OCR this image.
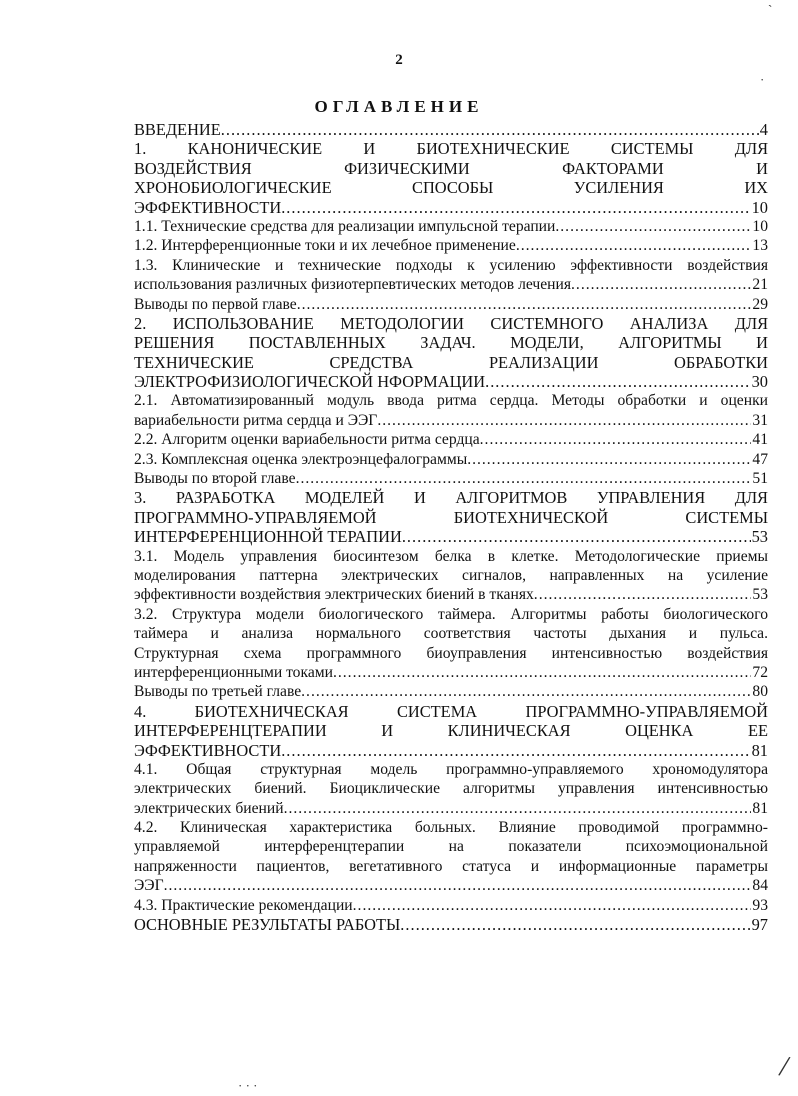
2
ОГЛАВЛЕНИЕ
ВВЕДЕНИЕ .....	4
1. КАНОНИЧЕСКИЕ И БИОТЕХНИЧЕСКИЕ СИСТЕМЫ ДЛЯ
ВОЗДЕЙСТВИЯ ФИЗИЧЕСКИМИ ФАКТОРАМИ И
ХРОНОБИОЛОГИЧЕСКИЕ СПОСОБЫ УСИЛЕНИЯ ИХ
ЭФФЕКТИВНОСТИ .....	10
1.1. Технические средства для реализации импульсной терапии .....	10
1.2. Интерференционные токи и их лечебное применение .....	13
1.3. Клинические и технические подходы к усилению эффективности воздействия
использования различных физиотерпевтических методов лечения .....	21
Выводы по первой главе .....	29
2. ИСПОЛЬЗОВАНИЕ МЕТОДОЛОГИИ СИСТЕМНОГО АНАЛИЗА ДЛЯ
РЕШЕНИЯ ПОСТАВЛЕННЫХ ЗАДАЧ. МОДЕЛИ, АЛГОРИТМЫ И
ТЕХНИЧЕСКИЕ СРЕДСТВА РЕАЛИЗАЦИИ ОБРАБОТКИ
ЭЛЕКТРОФИЗИОЛОГИЧЕСКОЙ НФОРМАЦИИ .....	30
2.1. Автоматизированный модуль ввода ритма сердца. Методы обработки и оценки
вариабельности ритма сердца и ЭЭГ .....	31
2.2. Алгоритм оценки вариабельности ритма сердца .....	41
2.3. Комплексная оценка электроэнцефалограммы .....	47
Выводы по второй главе .....	51
3. РАЗРАБОТКА МОДЕЛЕЙ И АЛГОРИТМОВ УПРАВЛЕНИЯ ДЛЯ
ПРОГРАММНО-УПРАВЛЯЕМОЙ БИОТЕХНИЧЕСКОЙ СИСТЕМЫ
ИНТЕРФЕРЕНЦИОННОЙ ТЕРАПИИ .....	53
3.1. Модель управления биосинтезом белка в клетке. Методологические приемы
моделирования паттерна электрических сигналов, направленных на усиление
эффективности воздействия электрических биений в тканях .....	53
3.2. Структура модели биологического таймера. Алгоритмы работы биологического
таймера и анализа нормального соответствия частоты дыхания и пульса.
Структурная схема программного биоуправления интенсивностью воздействия
интерференционными токами .....	72
Выводы по третьей главе .....	80
4. БИОТЕХНИЧЕСКАЯ СИСТЕМА ПРОГРАММНО-УПРАВЛЯЕМОЙ
ИНТЕРФЕРЕНЦТЕРАПИИ И КЛИНИЧЕСКАЯ ОЦЕНКА ЕЕ
ЭФФЕКТИВНОСТИ .....	81
4.1. Общая структурная модель программно-управляемого хрономодулятора
электрических биений. Биоциклические алгоритмы управления интенсивностью
электрических биений .....	81
4.2. Клиническая характеристика больных. Влияние проводимой программно-
управляемой интерференцтерапии на показатели психоэмоциональной
напряженности пациентов, вегетативного статуса и информационные параметры
ЭЭГ .....	84
4.3. Практические рекомендации .....	93
ОСНОВНЫЕ РЕЗУЛЬТАТЫ РАБОТЫ .....	97
ˋ
·
· · ·
/
